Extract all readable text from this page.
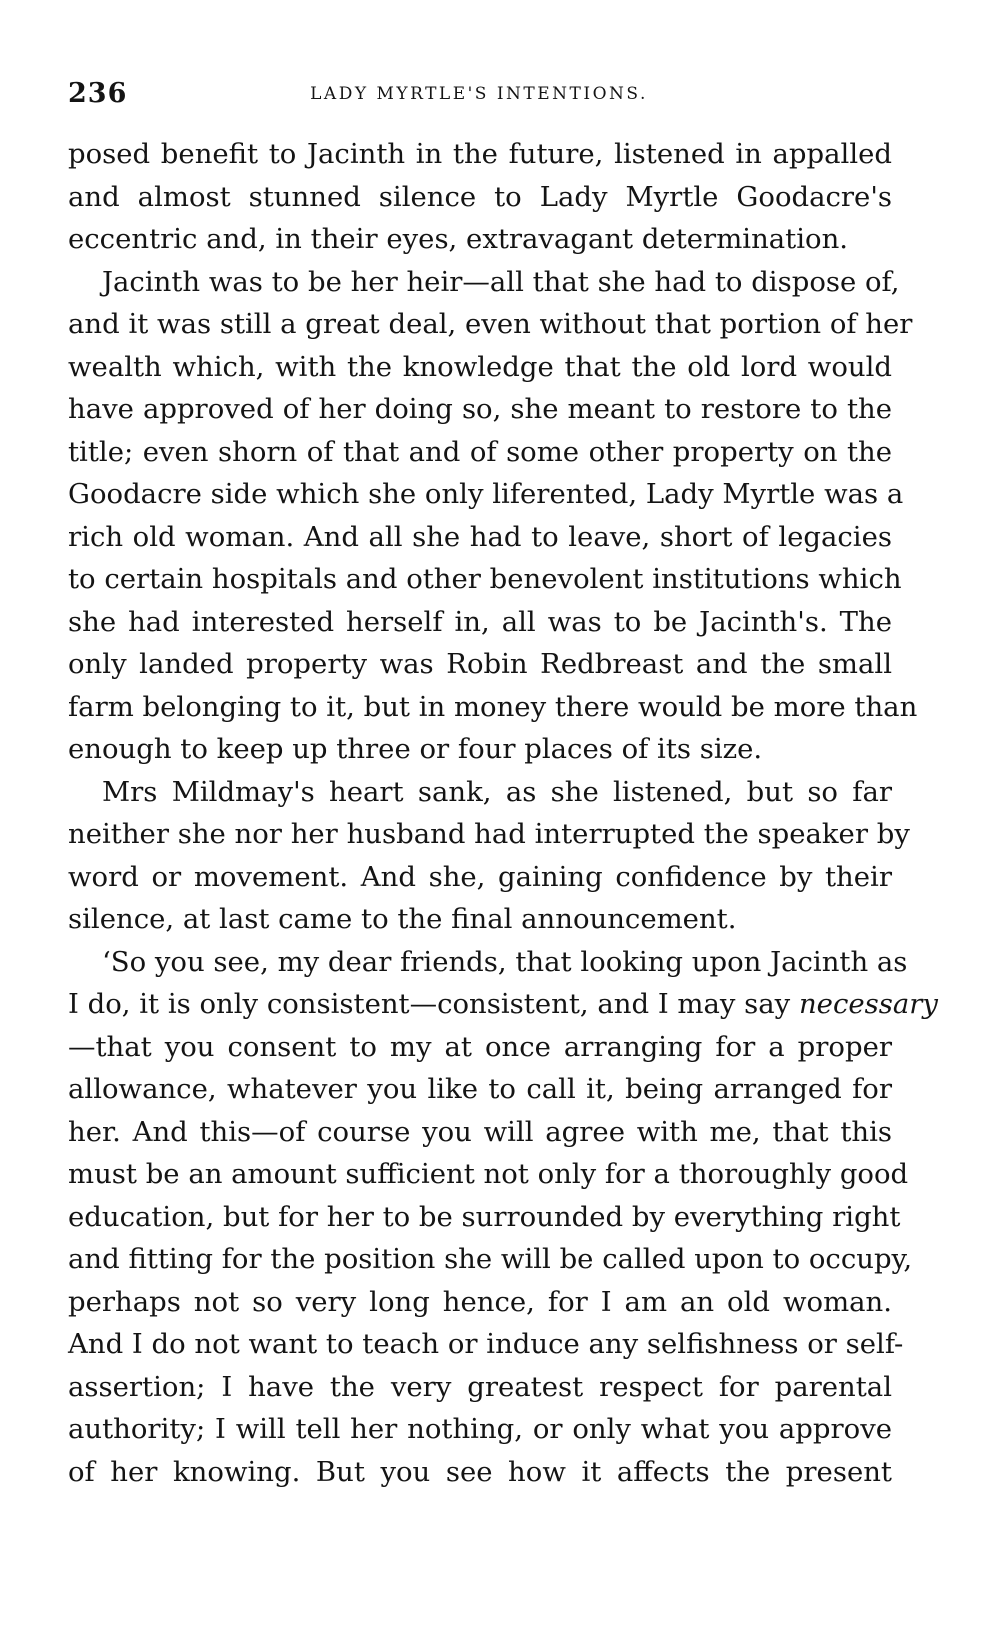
236	LADY MYRTLE'S INTENTIONS.
posed benefit to Jacinth in the future, listened in appalled
and almost stunned silence to Lady Myrtle Goodacre's
eccentric and, in their eyes, extravagant determination.
Jacinth was to be her heir—all that she had to dispose of,
and it was still a great deal, even without that portion of her
wealth which, with the knowledge that the old lord would
have approved of her doing so, she meant to restore to the
title; even shorn of that and of some other property on the
Goodacre side which she only liferented, Lady Myrtle was a
rich old woman. And all she had to leave, short of legacies
to certain hospitals and other benevolent institutions which
she had interested herself in, all was to be Jacinth's. The
only landed property was Robin Redbreast and the small
farm belonging to it, but in money there would be more than
enough to keep up three or four places of its size.
Mrs Mildmay's heart sank, as she listened, but so far
neither she nor her husband had interrupted the speaker by
word or movement. And she, gaining confidence by their
silence, at last came to the final announcement.
‘So you see, my dear friends, that looking upon Jacinth as
I do, it is only consistent—consistent, and I may say necessary
—that you consent to my at once arranging for a proper
allowance, whatever you like to call it, being arranged for
her. And this—of course you will agree with me, that this
must be an amount sufficient not only for a thoroughly good
education, but for her to be surrounded by everything right
and fitting for the position she will be called upon to occupy,
perhaps not so very long hence, for I am an old woman.
And I do not want to teach or induce any selfishness or self-
assertion; I have the very greatest respect for parental
authority; I will tell her nothing, or only what you approve
of her knowing. But you see how it affects the present
